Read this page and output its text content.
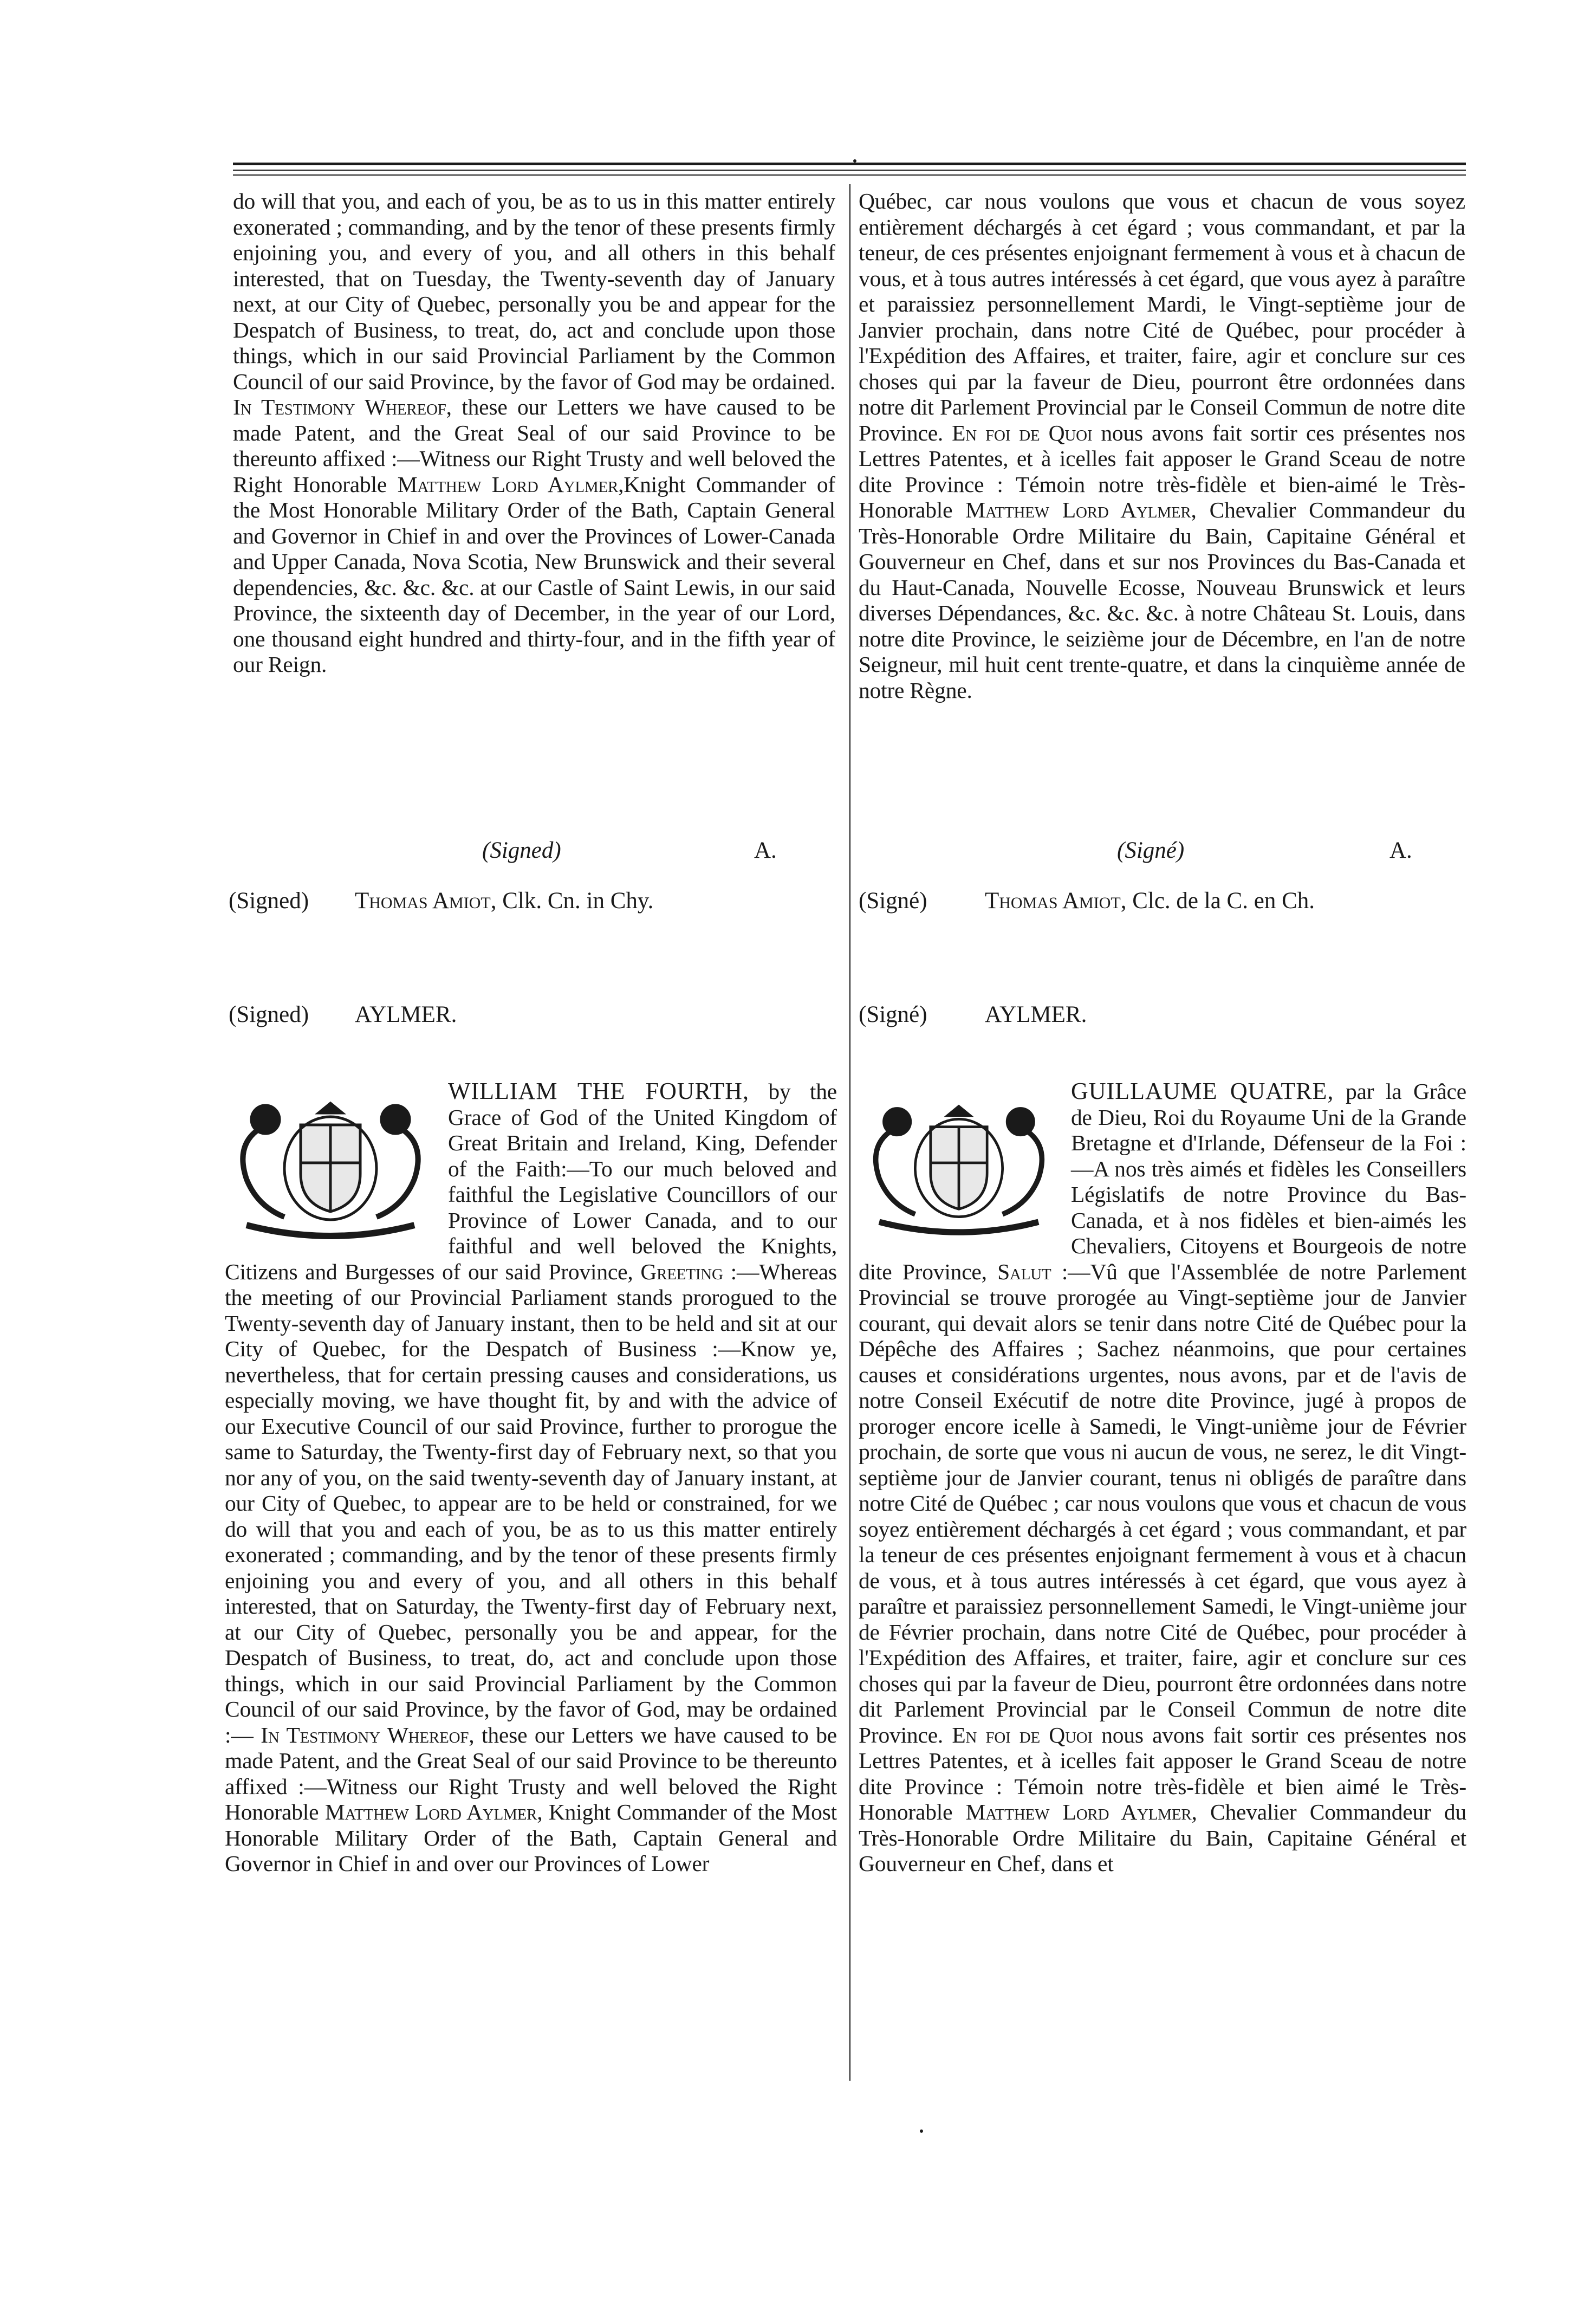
do will that you, and each of you, be as to us in this matter entirely exonerated ; commanding, and by the tenor of these presents firmly enjoining you, and every of you, and all others in this behalf interested, that on Tuesday, the Twenty-seventh day of January next, at our City of Quebec, personally you be and appear for the Despatch of Business, to treat, do, act and conclude upon those things, which in our said Provincial Parliament by the Common Council of our said Province, by the favor of God may be ordained. In Testimony Whereof, these our Letters we have caused to be made Patent, and the Great Seal of our said Province to be thereunto affixed :—Witness our Right Trusty and well beloved the Right Honorable Matthew Lord Aylmer,Knight Commander of the Most Honorable Military Order of the Bath, Captain General and Governor in Chief in and over the Provinces of Lower-Canada and Upper Canada, Nova Scotia, New Brunswick and their several dependencies, &c. &c. &c. at our Castle of Saint Lewis, in our said Province, the sixteenth day of December, in the year of our Lord, one thousand eight hundred and thirty-four, and in the fifth year of our Reign.

(Signed)	A.
(Signed) Thomas Amiot, Clk. Cn. in Chy.
(Signed) AYLMER.

WILLIAM THE FOURTH, by the Grace of God of the United Kingdom of Great Britain and Ireland, King, Defender of the Faith:—To our much beloved and faithful the Legislative Councillors of our Province of Lower Canada, and to our faithful and well beloved the Knights, Citizens and Burgesses of our said Province, Greeting :—Whereas the meeting of our Provincial Parliament stands prorogued to the Twenty-seventh day of January instant, then to be held and sit at our City of Quebec, for the Despatch of Business :—Know ye, nevertheless, that for certain pressing causes and considerations, us especially moving, we have thought fit, by and with the advice of our Executive Council of our said Province, further to prorogue the same to Saturday, the Twenty-first day of February next, so that you nor any of you, on the said twenty-seventh day of January instant, at our City of Quebec, to appear are to be held or constrained, for we do will that you and each of you, be as to us this matter entirely exonerated ; commanding, and by the tenor of these presents firmly enjoining you and every of you, and all others in this behalf interested, that on Saturday, the Twenty-first day of February next, at our City of Quebec, personally you be and appear, for the Despatch of Business, to treat, do, act and conclude upon those things, which in our said Provincial Parliament by the Common Council of our said Province, by the favor of God, may be ordained :— In Testimony Whereof, these our Letters we have caused to be made Patent, and the Great Seal of our said Province to be thereunto affixed :—Witness our Right Trusty and well beloved the Right Honorable Matthew Lord Aylmer, Knight Commander of the Most Honorable Military Order of the Bath, Captain General and Governor in Chief in and over our Provinces of Lower

Québec, car nous voulons que vous et chacun de vous soyez entièrement déchargés à cet égard ; vous commandant, et par la teneur, de ces présentes enjoignant fermement à vous et à chacun de vous, et à tous autres intéressés à cet égard, que vous ayez à paraître et paraissiez personnellement Mardi, le Vingt-septième jour de Janvier prochain, dans notre Cité de Québec, pour procéder à l'Expédition des Affaires, et traiter, faire, agir et conclure sur ces choses qui par la faveur de Dieu, pourront être ordonnées dans notre dit Parlement Provincial par le Conseil Commun de notre dite Province. En foi de Quoi nous avons fait sortir ces présentes nos Lettres Patentes, et à icelles fait apposer le Grand Sceau de notre dite Province : Témoin notre très-fidèle et bien-aimé le Très-Honorable Matthew Lord Aylmer, Chevalier Commandeur du Très-Honorable Ordre Militaire du Bain, Capitaine Général et Gouverneur en Chef, dans et sur nos Provinces du Bas-Canada et du Haut-Canada, Nouvelle Ecosse, Nouveau Brunswick et leurs diverses Dépendances, &c. &c. &c. à notre Château St. Louis, dans notre dite Province, le seizième jour de Décembre, en l'an de notre Seigneur, mil huit cent trente-quatre, et dans la cinquième année de notre Règne.

(Signé)	A.
(Signé) Thomas Amiot, Clc. de la C. en Ch.
(Signé) AYLMER.

GUILLAUME QUATRE, par la Grâce de Dieu, Roi du Royaume Uni de la Grande Bretagne et d'Irlande, Défenseur de la Foi :—A nos très aimés et fidèles les Conseillers Législatifs de notre Province du Bas-Canada, et à nos fidèles et bien-aimés les Chevaliers, Citoyens et Bourgeois de notre dite Province, Salut :—Vû que l'Assemblée de notre Parlement Provincial se trouve prorogée au Vingt-septième jour de Janvier courant, qui devait alors se tenir dans notre Cité de Québec pour la Dépêche des Affaires ; Sachez néanmoins, que pour certaines causes et considérations urgentes, nous avons, par et de l'avis de notre Conseil Exécutif de notre dite Province, jugé à propos de proroger encore icelle à Samedi, le Vingt-unième jour de Février prochain, de sorte que vous ni aucun de vous, ne serez, le dit Vingt-septième jour de Janvier courant, tenus ni obligés de paraître dans notre Cité de Québec ; car nous voulons que vous et chacun de vous soyez entièrement déchargés à cet égard ; vous commandant, et par la teneur de ces présentes enjoignant fermement à vous et à chacun de vous, et à tous autres intéressés à cet égard, que vous ayez à paraître et paraissiez personnellement Samedi, le Vingt-unième jour de Février prochain, dans notre Cité de Québec, pour procéder à l'Expédition des Affaires, et traiter, faire, agir et conclure sur ces choses qui par la faveur de Dieu, pourront être ordonnées dans notre dit Parlement Provincial par le Conseil Commun de notre dite Province. En foi de Quoi nous avons fait sortir ces présentes nos Lettres Patentes, et à icelles fait apposer le Grand Sceau de notre dite Province : Témoin notre très-fidèle et bien aimé le Très-Honorable Matthew Lord Aylmer, Chevalier Commandeur du Très-Honorable Ordre Militaire du Bain, Capitaine Général et Gouverneur en Chef, dans et
